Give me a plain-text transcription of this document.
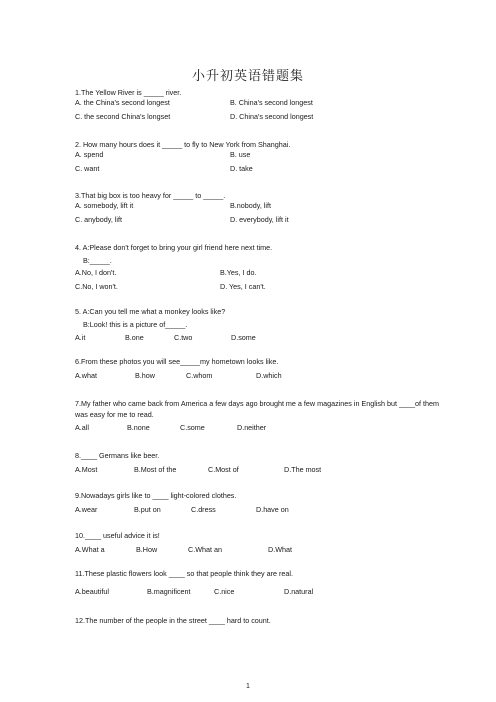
小升初英语错题集
1.The Yellow River is _____ river.
A. the China's second longest	B. China's second longest
C. the second China's longset	D. China's second longest
2. How many hours does it _____ to fly to New York from Shanghai.
A. spend	B. use
C. want	D. take
3.That big box is too heavy for _____ to _____.
A. somebody, lift it	B.nobody, lift
C. anybody, lift	D. everybody, lift it
4. A:Please don't forget to bring your girl friend here next time.
B:_____.
A.No, I don't.	B.Yes, I do.
C.No, I won't.	D. Yes, I can't.
5. A:Can you tell me what a monkey looks like?
B:Look! this is a picture of_____.
A.it	B.one	C.two	D.some
6.From these photos you will see_____my hometown looks like.
A.what	B.how	C.whom	D.which
7.My father who came back from America a few days ago brought me a few magazines in English but ____of them was easy for me to read.
A.all	B.none	C.some	D.neither
8.____ Germans like beer.
A.Most	B.Most of the	C.Most of	D.The most
9.Nowadays girls like to ____ light-colored clothes.
A.wear	B.put on	C.dress	D.have on
10.____ useful advice it is!
A.What a	B.How	C.What an	D.What
11.These plastic flowers look ____ so that people think they are real.
A.beautiful	B.magnificent	C.nice	D.natural
12.The number of the people in the street ____ hard to count.
1
